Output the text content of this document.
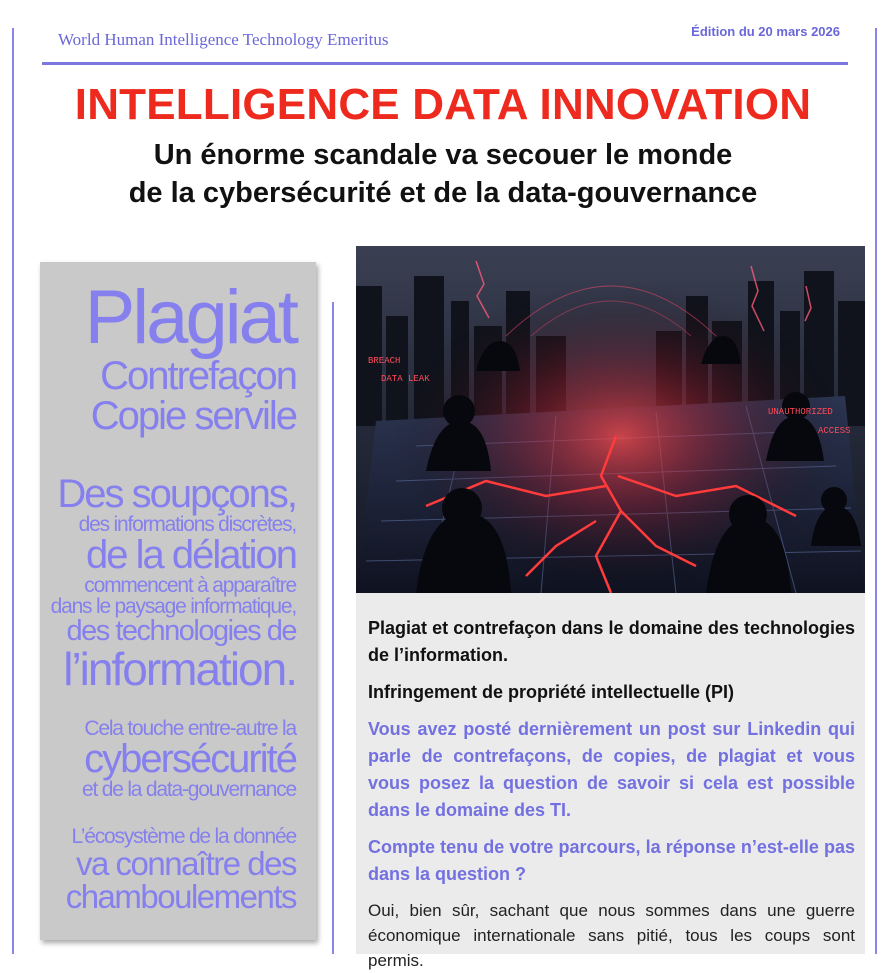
World Human Intelligence Technology Emeritus	Édition du 20 mars 2026
INTELLIGENCE DATA INNOVATION
Un énorme scandale va secouer le monde
de la cybersécurité et de la data-gouvernance
Plagiat
Contrefaçon
Copie servile
Des soupçons,
des informations discrètes,
de la délation
commencent à apparaître
dans le paysage informatique,
des technologies de
l’information.
Cela touche entre-autre la
cybersécurité
et de la data-gouvernance
L’écosystème de la donnée
va connaître des
chamboulements
BREACH
DATA LEAK
UNAUTHORIZED
ACCESS

Plagiat et contrefaçon dans le domaine des technologies de l’information.

Infringement de propriété intellectuelle (PI)

Vous avez posté dernièrement un post sur Linkedin qui parle de contrefaçons, de copies, de plagiat et vous vous posez la question de savoir si cela est possible dans le domaine des TI.

Compte tenu de votre parcours, la réponse n’est-elle pas dans la question ?

Oui, bien sûr, sachant que nous sommes dans une guerre économique internationale sans pitié, tous les coups sont permis.
